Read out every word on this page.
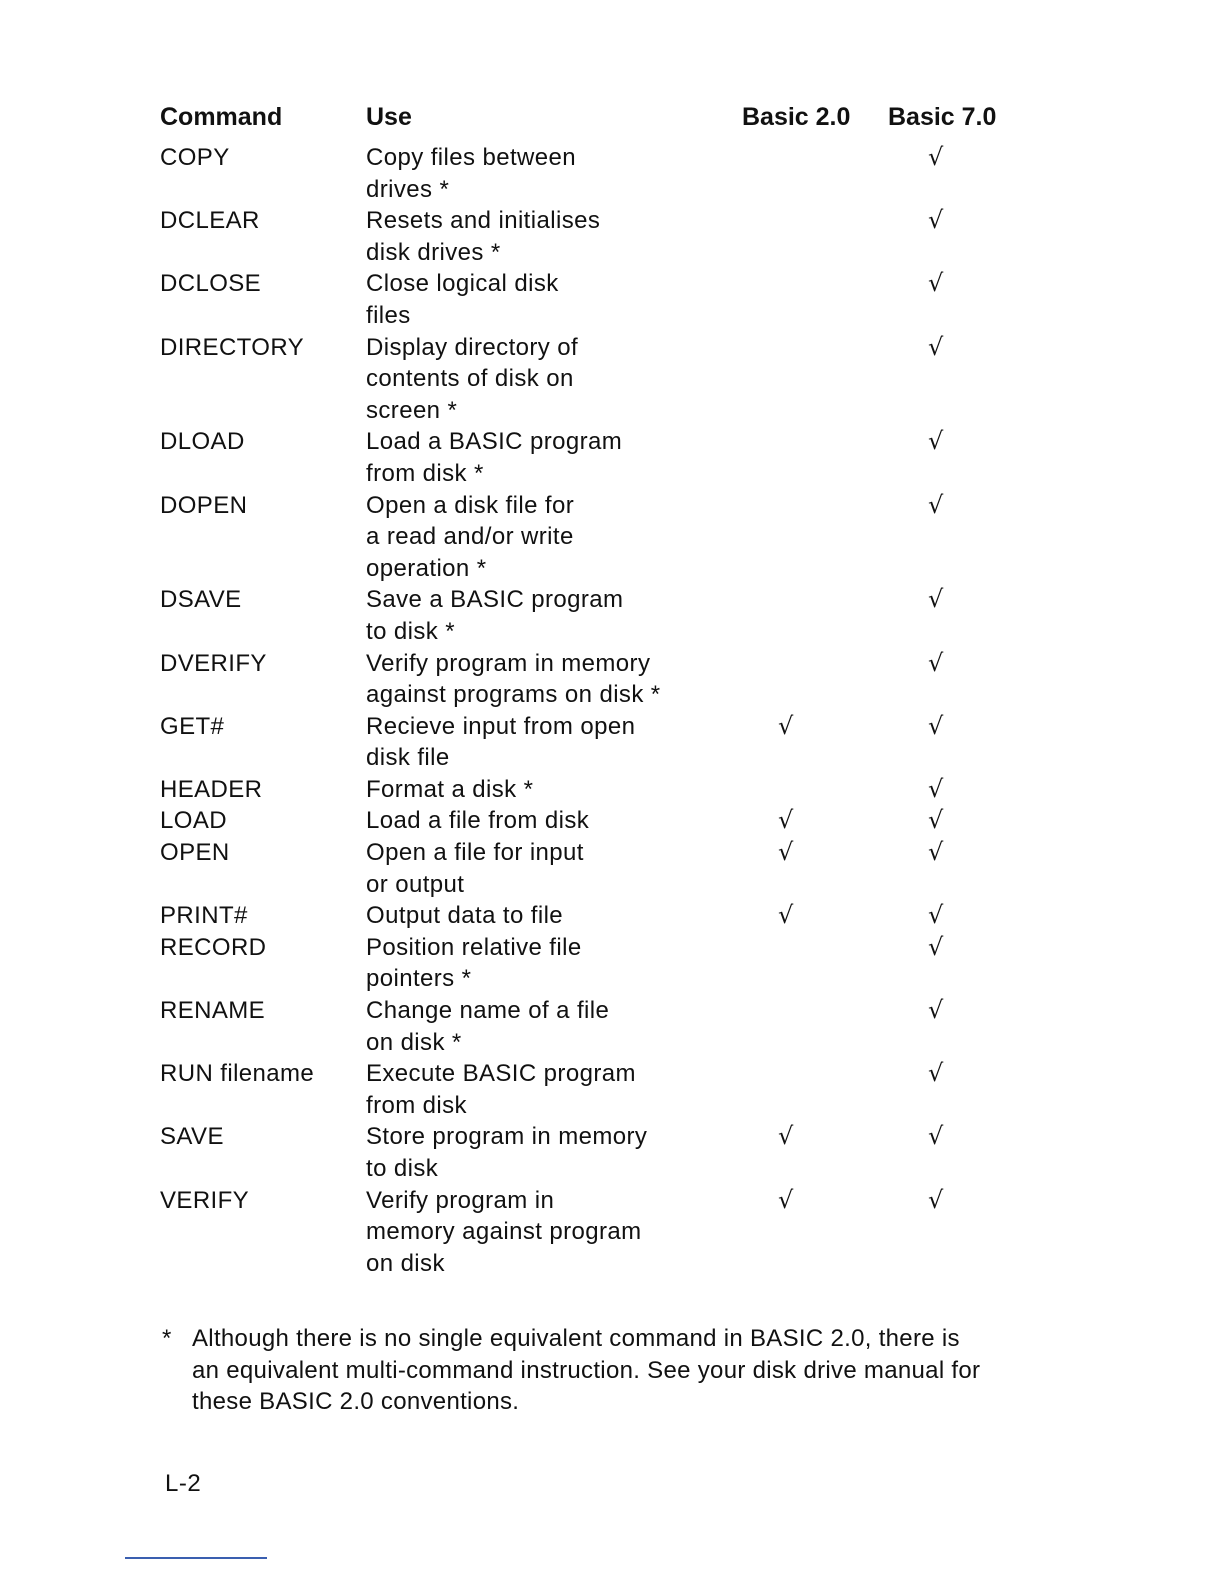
Command	Use	Basic 2.0	Basic 7.0
COPY	Copy files between
drives *		√
DCLEAR	Resets and initialises
disk drives *		√
DCLOSE	Close logical disk
files		√
DIRECTORY	Display directory of
contents of disk on
screen *		√
DLOAD	Load a BASIC program
from disk *		√
DOPEN	Open a disk file for
a read and/or write
operation *		√
DSAVE	Save a BASIC program
to disk *		√
DVERIFY	Verify program in memory
against programs on disk *		√
GET#	Recieve input from open
disk file	√	√
HEADER	Format a disk *		√
LOAD	Load a file from disk	√	√
OPEN	Open a file for input
or output	√	√
PRINT#	Output data to file	√	√
RECORD	Position relative file
pointers *		√
RENAME	Change name of a file
on disk *		√
RUN filename	Execute BASIC program
from disk		√
SAVE	Store program in memory
to disk	√	√
VERIFY	Verify program in
memory against program
on disk	√	√
* Although there is no single equivalent command in BASIC 2.0, there is an equivalent multi-command instruction. See your disk drive manual for these BASIC 2.0 conventions.
L-2
